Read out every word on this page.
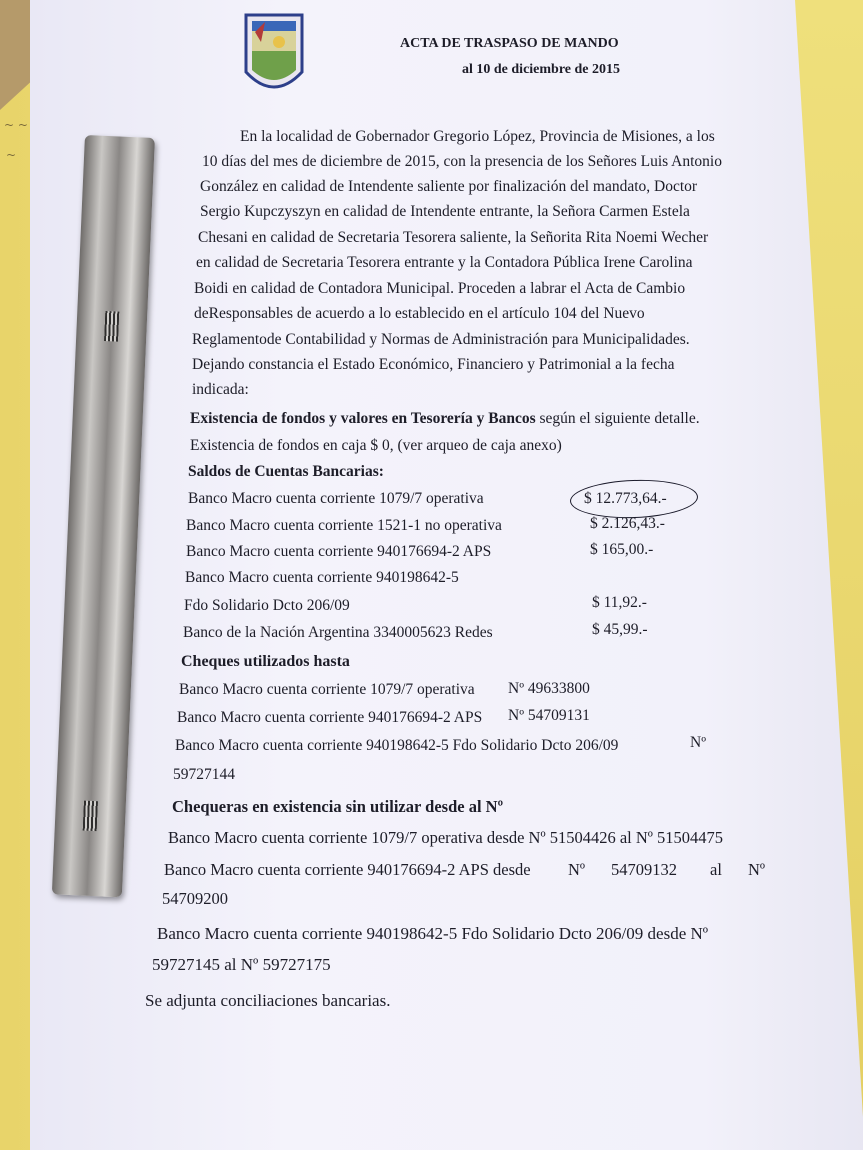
~ ~
~
ACTA DE TRASPASO DE MANDO
al 10 de diciembre de 2015
En la localidad de Gobernador Gregorio López, Provincia de Misiones, a los
10 días del mes de diciembre de 2015, con la presencia de los Señores Luis Antonio
González en calidad de Intendente saliente por finalización del mandato, Doctor
Sergio Kupczyszyn en calidad de Intendente entrante, la Señora Carmen Estela
Chesani en calidad de Secretaria Tesorera saliente, la Señorita Rita Noemi Wecher
en calidad de Secretaria Tesorera entrante y la Contadora Pública Irene Carolina
Boidi en calidad de Contadora Municipal. Proceden a labrar el Acta de Cambio
deResponsables de acuerdo a lo establecido en el artículo 104 del Nuevo
Reglamentode Contabilidad y Normas de Administración para Municipalidades.
Dejando constancia el Estado Económico, Financiero y Patrimonial a la fecha
indicada:
Existencia de fondos y valores en Tesorería y Bancos según el siguiente detalle.
Existencia de fondos en caja $ 0, (ver arqueo de caja anexo)
Saldos de Cuentas Bancarias:
Banco Macro cuenta corriente 1079/7 operativa	$ 12.773,64.-
Banco Macro cuenta corriente 1521-1 no operativa	$ 2.126,43.-
Banco Macro cuenta corriente 940176694-2 APS	$ 165,00.-
Banco Macro cuenta corriente 940198642-5
Fdo Solidario Dcto 206/09	$ 11,92.-
Banco de la Nación Argentina 3340005623 Redes	$ 45,99.-
Cheques utilizados hasta
Banco Macro cuenta corriente 1079/7 operativa Nº 49633800
Banco Macro cuenta corriente 940176694-2 APS Nº 54709131
Banco Macro cuenta corriente 940198642-5 Fdo Solidario Dcto 206/09	Nº
59727144
Chequeras en existencia sin utilizar desde al Nº
Banco Macro cuenta corriente 1079/7 operativa desde Nº 51504426 al Nº 51504475
Banco Macro cuenta corriente 940176694-2 APS desde Nº 54709132 al Nº
54709200
Banco Macro cuenta corriente 940198642-5 Fdo Solidario Dcto 206/09 desde Nº
59727145 al Nº 59727175
Se adjunta conciliaciones bancarias.
